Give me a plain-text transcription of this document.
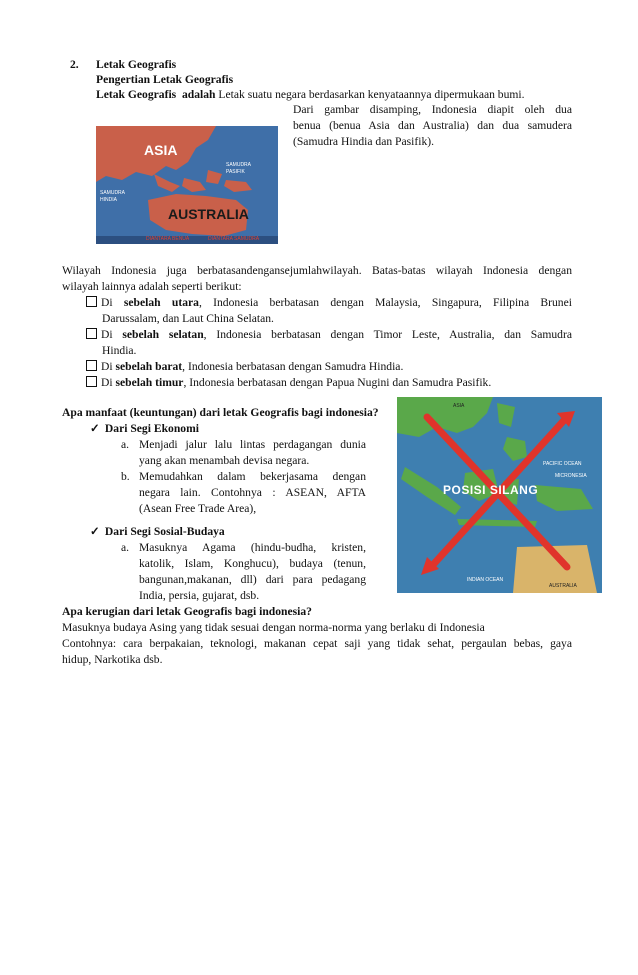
2. Letak Geografis
Pengertian Letak Geografis
Letak Geografis adalah Letak suatu negara berdasarkan kenyataannya dipermukaan bumi.
Dari gambar disamping, Indonesia diapit oleh dua
benua (benua Asia dan Australia) dan dua samudera
(Samudra Hindia dan Pasifik).
ASIA
AUSTRALIA
SAMUDRA PASIFIK
SAMUDRA HINDIA
DIANTARA BENUA	DIANTARA SAMUDRA
Wilayah Indonesia juga berbatasandengansejumlahwilayah. Batas-batas wilayah Indonesia dengan
wilayah lainnya adalah seperti berikut:
Di sebelah utara, Indonesia berbatasan dengan Malaysia, Singapura, Filipina Brunei
Darussalam, dan Laut China Selatan.
Di sebelah selatan, Indonesia berbatasan dengan Timor Leste, Australia, dan Samudra
Hindia.
Di sebelah barat, Indonesia berbatasan dengan Samudra Hindia.
Di sebelah timur, Indonesia berbatasan dengan Papua Nugini dan Samudra Pasifik.
Apa manfaat (keuntungan) dari letak Geografis bagi indonesia?
✓ Dari Segi Ekonomi
a. Menjadi jalur lalu lintas perdagangan dunia
yang akan menambah devisa negara.
b. Memudahkan dalam bekerjasama dengan
negara lain. Contohnya : ASEAN, AFTA
(Asean Free Trade Area),
✓ Dari Segi Sosial-Budaya
a. Masuknya Agama (hindu-budha, kristen,
katolik, Islam, Konghucu), budaya (tenun,
bangunan,makanan, dll) dari para pedagang
India, persia, gujarat, dsb.
POSISI SILANG
PACIFIC OCEAN
MICRONESIA
INDIAN OCEAN
AUSTRALIA
ASIA
Apa kerugian dari letak Geografis bagi indonesia?
Masuknya budaya Asing yang tidak sesuai dengan norma-norma yang berlaku di Indonesia
Contohnya: cara berpakaian, teknologi, makanan cepat saji yang tidak sehat, pergaulan bebas, gaya
hidup, Narkotika dsb.
